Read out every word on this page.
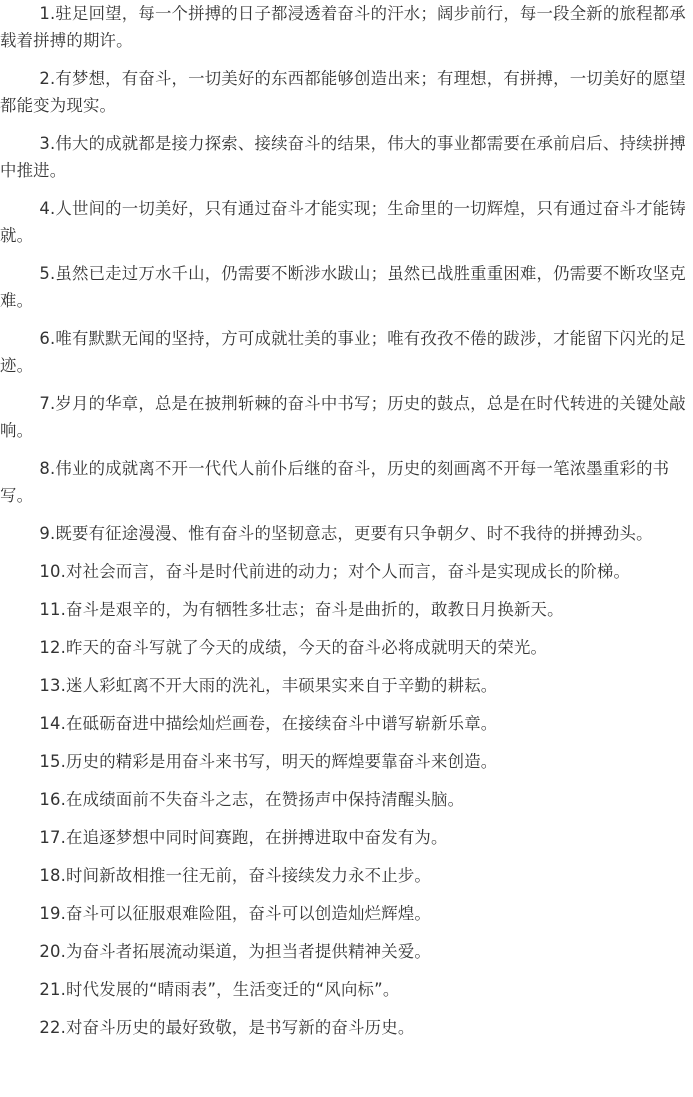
1.驻足回望，每一个拼搏的日子都浸透着奋斗的汗水；阔步前行，每一段全新的旅程都承载着拼搏的期许。

2.有梦想，有奋斗，一切美好的东西都能够创造出来；有理想，有拼搏，一切美好的愿望都能变为现实。

3.伟大的成就都是接力探索、接续奋斗的结果，伟大的事业都需要在承前启后、持续拼搏中推进。

4.人世间的一切美好，只有通过奋斗才能实现；生命里的一切辉煌，只有通过奋斗才能铸就。

5.虽然已走过万水千山，仍需要不断涉水跋山；虽然已战胜重重困难，仍需要不断攻坚克难。

6.唯有默默无闻的坚持，方可成就壮美的事业；唯有孜孜不倦的跋涉，才能留下闪光的足迹。

7.岁月的华章，总是在披荆斩棘的奋斗中书写；历史的鼓点，总是在时代转进的关键处敲响。

8.伟业的成就离不开一代代人前仆后继的奋斗，历史的刻画离不开每一笔浓墨重彩的书写。

9.既要有征途漫漫、惟有奋斗的坚韧意志，更要有只争朝夕、时不我待的拼搏劲头。

10.对社会而言，奋斗是时代前进的动力；对个人而言，奋斗是实现成长的阶梯。

11.奋斗是艰辛的，为有牺牲多壮志；奋斗是曲折的，敢教日月换新天。

12.昨天的奋斗写就了今天的成绩，今天的奋斗必将成就明天的荣光。

13.迷人彩虹离不开大雨的洗礼，丰硕果实来自于辛勤的耕耘。

14.在砥砺奋进中描绘灿烂画卷，在接续奋斗中谱写崭新乐章。

15.历史的精彩是用奋斗来书写，明天的辉煌要靠奋斗来创造。

16.在成绩面前不失奋斗之志，在赞扬声中保持清醒头脑。

17.在追逐梦想中同时间赛跑，在拼搏进取中奋发有为。

18.时间新故相推一往无前，奋斗接续发力永不止步。

19.奋斗可以征服艰难险阻，奋斗可以创造灿烂辉煌。

20.为奋斗者拓展流动渠道，为担当者提供精神关爱。

21.时代发展的“晴雨表”，生活变迁的“风向标”。

22.对奋斗历史的最好致敬，是书写新的奋斗历史。
